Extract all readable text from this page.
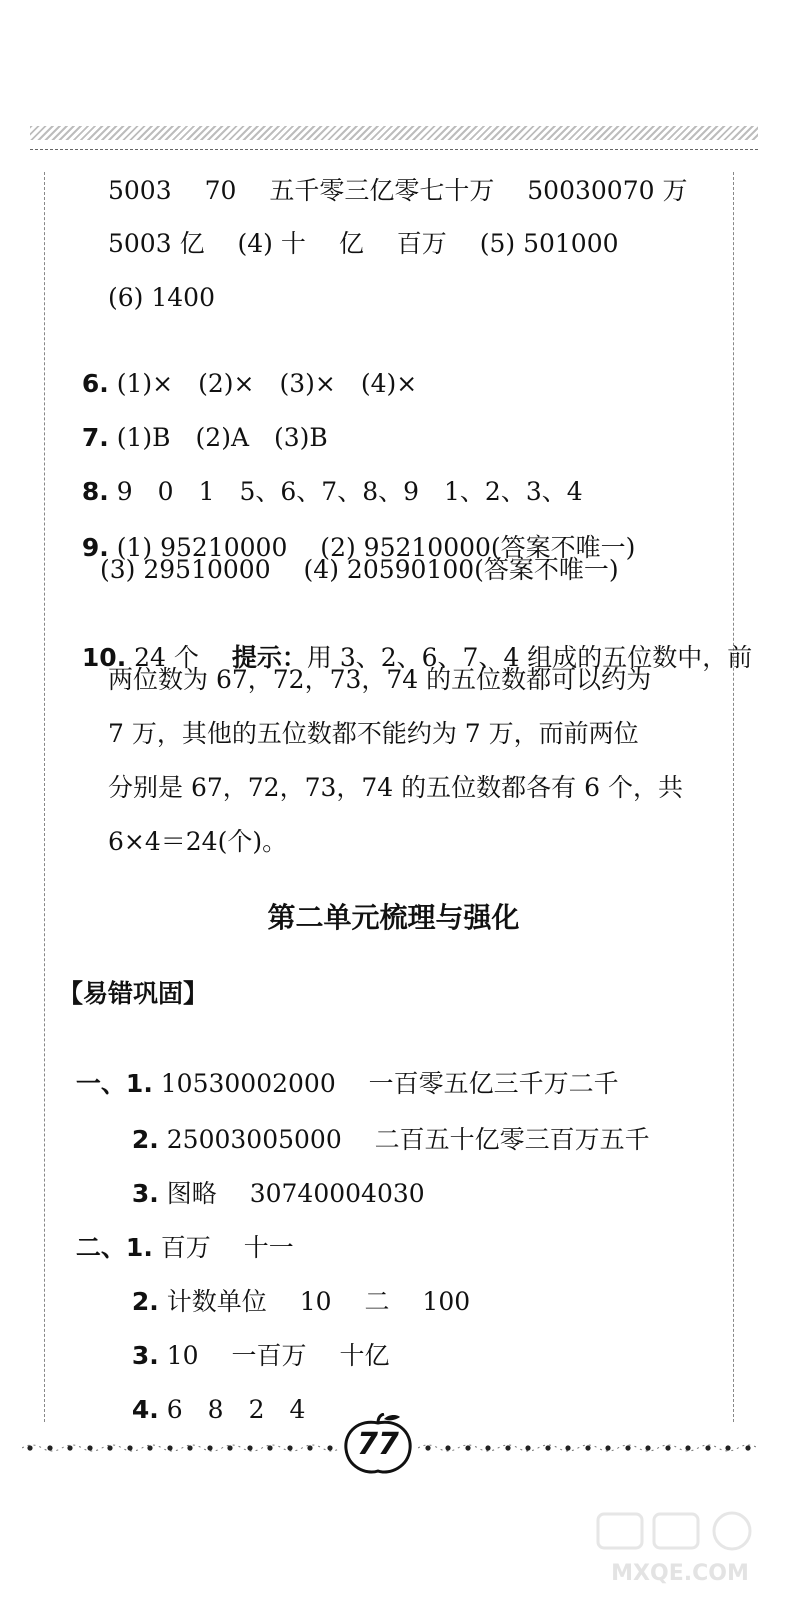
5003　 70　 五千零三亿零七十万　 50030070 万
5003 亿　 (4) 十　 亿　 百万　 (5) 501000
(6) 1400

6. (1)×　(2)×　(3)×　(4)×

7. (1)B　(2)A　(3)B

8. 9　0　1　5、6、7、8、9　1、2、3、4

9. (1) 95210000　 (2) 95210000(答案不唯一)

(3) 29510000　 (4) 20590100(答案不唯一)

10. 24 个　 提示：用 3、2、6、7、4 组成的五位数中，前

两位数为 67，72，73，74 的五位数都可以约为
7 万，其他的五位数都不能约为 7 万，而前两位
分别是 67，72，73，74 的五位数都各有 6 个，共
6×4＝24(个)。
第二单元梳理与强化
【易错巩固】

一、1. 10530002000　 一百零五亿三千万二千

2. 25003005000　 二百五十亿零三百万五千

3. 图略　 30740004030

二、1. 百万　 十一

2. 计数单位　 10　 二　 100

3. 10　 一百万　 十亿

4. 6　8　2　4

77
MXQE.COM
